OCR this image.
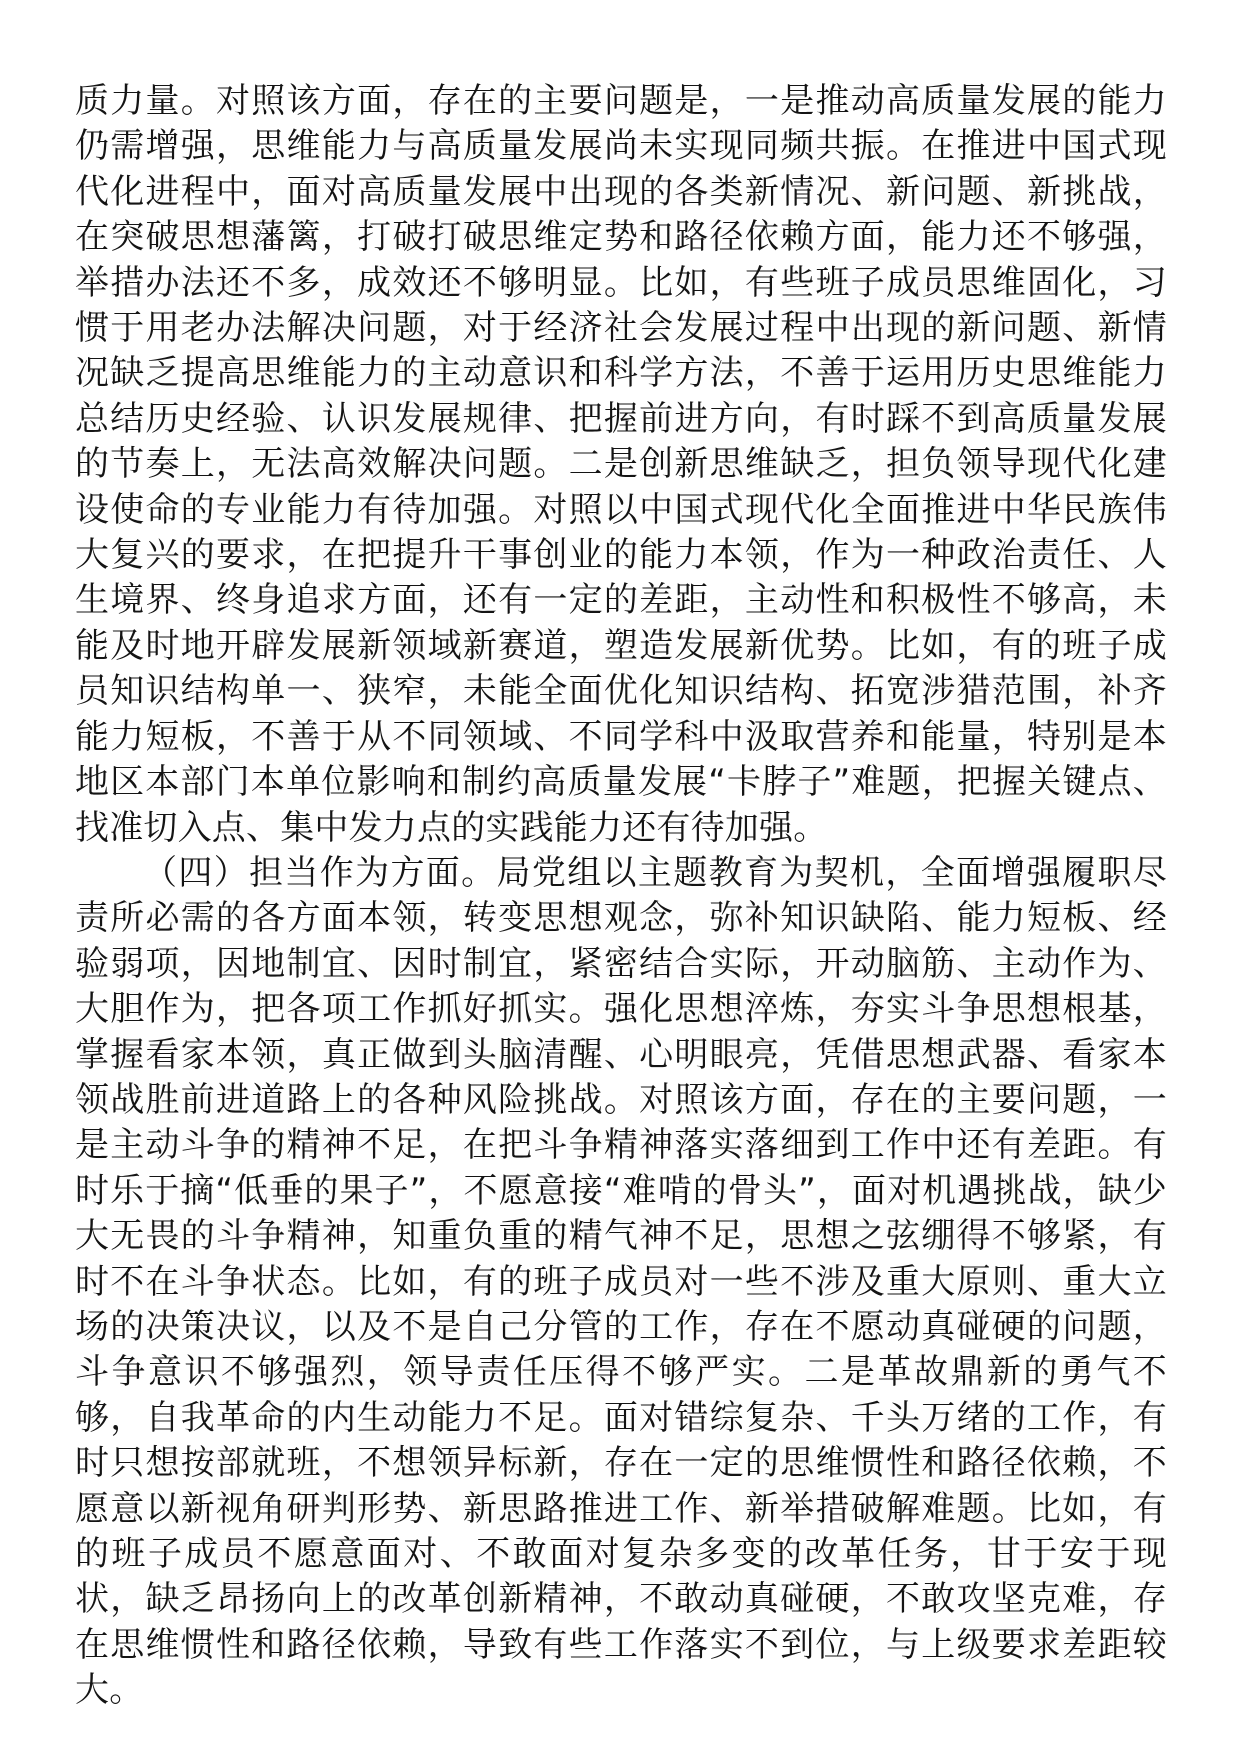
质力量。对照该方面，存在的主要问题是，一是推动高质量发展的能力仍需增强，思维能力与高质量发展尚未实现同频共振。在推进中国式现代化进程中，面对高质量发展中出现的各类新情况、新问题、新挑战，在突破思想藩篱，打破打破思维定势和路径依赖方面，能力还不够强，举措办法还不多，成效还不够明显。比如，有些班子成员思维固化，习惯于用老办法解决问题，对于经济社会发展过程中出现的新问题、新情况缺乏提高思维能力的主动意识和科学方法，不善于运用历史思维能力总结历史经验、认识发展规律、把握前进方向，有时踩不到高质量发展的节奏上，无法高效解决问题。二是创新思维缺乏，担负领导现代化建设使命的专业能力有待加强。对照以中国式现代化全面推进中华民族伟大复兴的要求，在把提升干事创业的能力本领，作为一种政治责任、人生境界、终身追求方面，还有一定的差距，主动性和积极性不够高，未能及时地开辟发展新领域新赛道，塑造发展新优势。比如，有的班子成员知识结构单一、狭窄，未能全面优化知识结构、拓宽涉猎范围，补齐能力短板，不善于从不同领域、不同学科中汲取营养和能量，特别是本地区本部门本单位影响和制约高质量发展“卡脖子”难题，把握关键点、找准切入点、集中发力点的实践能力还有待加强。

（四）担当作为方面。局党组以主题教育为契机，全面增强履职尽责所必需的各方面本领，转变思想观念，弥补知识缺陷、能力短板、经验弱项，因地制宜、因时制宜，紧密结合实际，开动脑筋、主动作为、大胆作为，把各项工作抓好抓实。强化思想淬炼，夯实斗争思想根基，掌握看家本领，真正做到头脑清醒、心明眼亮，凭借思想武器、看家本领战胜前进道路上的各种风险挑战。对照该方面，存在的主要问题，一是主动斗争的精神不足，在把斗争精神落实落细到工作中还有差距。有时乐于摘“低垂的果子”，不愿意接“难啃的骨头”，面对机遇挑战，缺少大无畏的斗争精神，知重负重的精气神不足，思想之弦绷得不够紧，有时不在斗争状态。比如，有的班子成员对一些不涉及重大原则、重大立场的决策决议，以及不是自己分管的工作，存在不愿动真碰硬的问题，斗争意识不够强烈，领导责任压得不够严实。二是革故鼎新的勇气不够，自我革命的内生动能力不足。面对错综复杂、千头万绪的工作，有时只想按部就班，不想领异标新，存在一定的思维惯性和路径依赖，不愿意以新视角研判形势、新思路推进工作、新举措破解难题。比如，有的班子成员不愿意面对、不敢面对复杂多变的改革任务，甘于安于现状，缺乏昂扬向上的改革创新精神，不敢动真碰硬，不敢攻坚克难，存在思维惯性和路径依赖，导致有些工作落实不到位，与上级要求差距较大。
